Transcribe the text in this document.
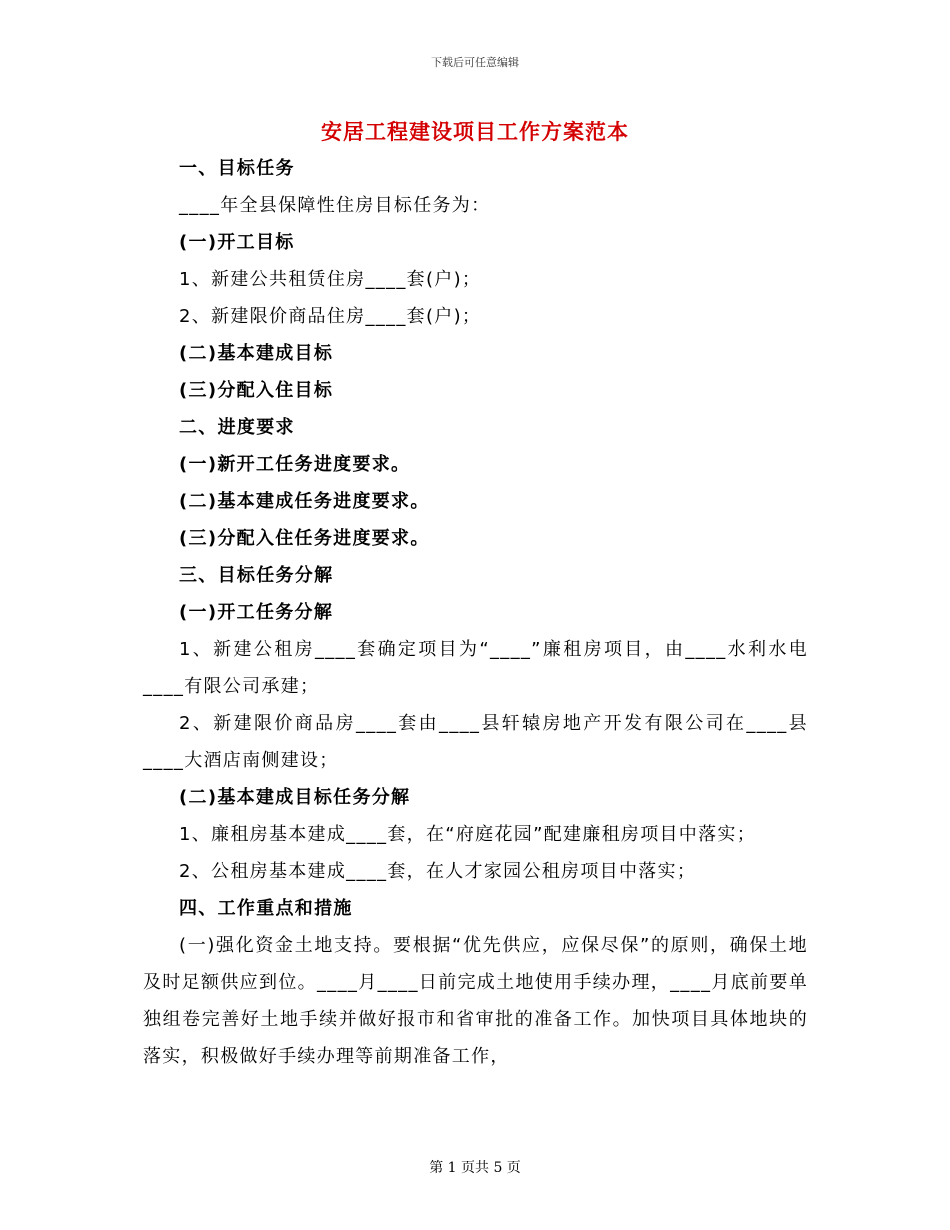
下载后可任意编辑
安居工程建设项目工作方案范本

一、目标任务

____年全县保障性住房目标任务为：

(一)开工目标

1、新建公共租赁住房____套(户)；

2、新建限价商品住房____套(户)；

(二)基本建成目标

(三)分配入住目标

二、进度要求

(一)新开工任务进度要求。

(二)基本建成任务进度要求。

(三)分配入住任务进度要求。

三、目标任务分解

(一)开工任务分解

1、新建公租房____套确定项目为“____”廉租房项目，由____水利水电____有限公司承建；

2、新建限价商品房____套由____县轩辕房地产开发有限公司在____县____大酒店南侧建设；

(二)基本建成目标任务分解

1、廉租房基本建成____套，在“府庭花园”配建廉租房项目中落实；

2、公租房基本建成____套，在人才家园公租房项目中落实；

四、工作重点和措施

(一)强化资金土地支持。要根据“优先供应，应保尽保”的原则，确保土地及时足额供应到位。____月____日前完成土地使用手续办理，____月底前要单独组卷完善好土地手续并做好报市和省审批的准备工作。加快项目具体地块的落实，积极做好手续办理等前期准备工作，

第 1 页共 5 页
